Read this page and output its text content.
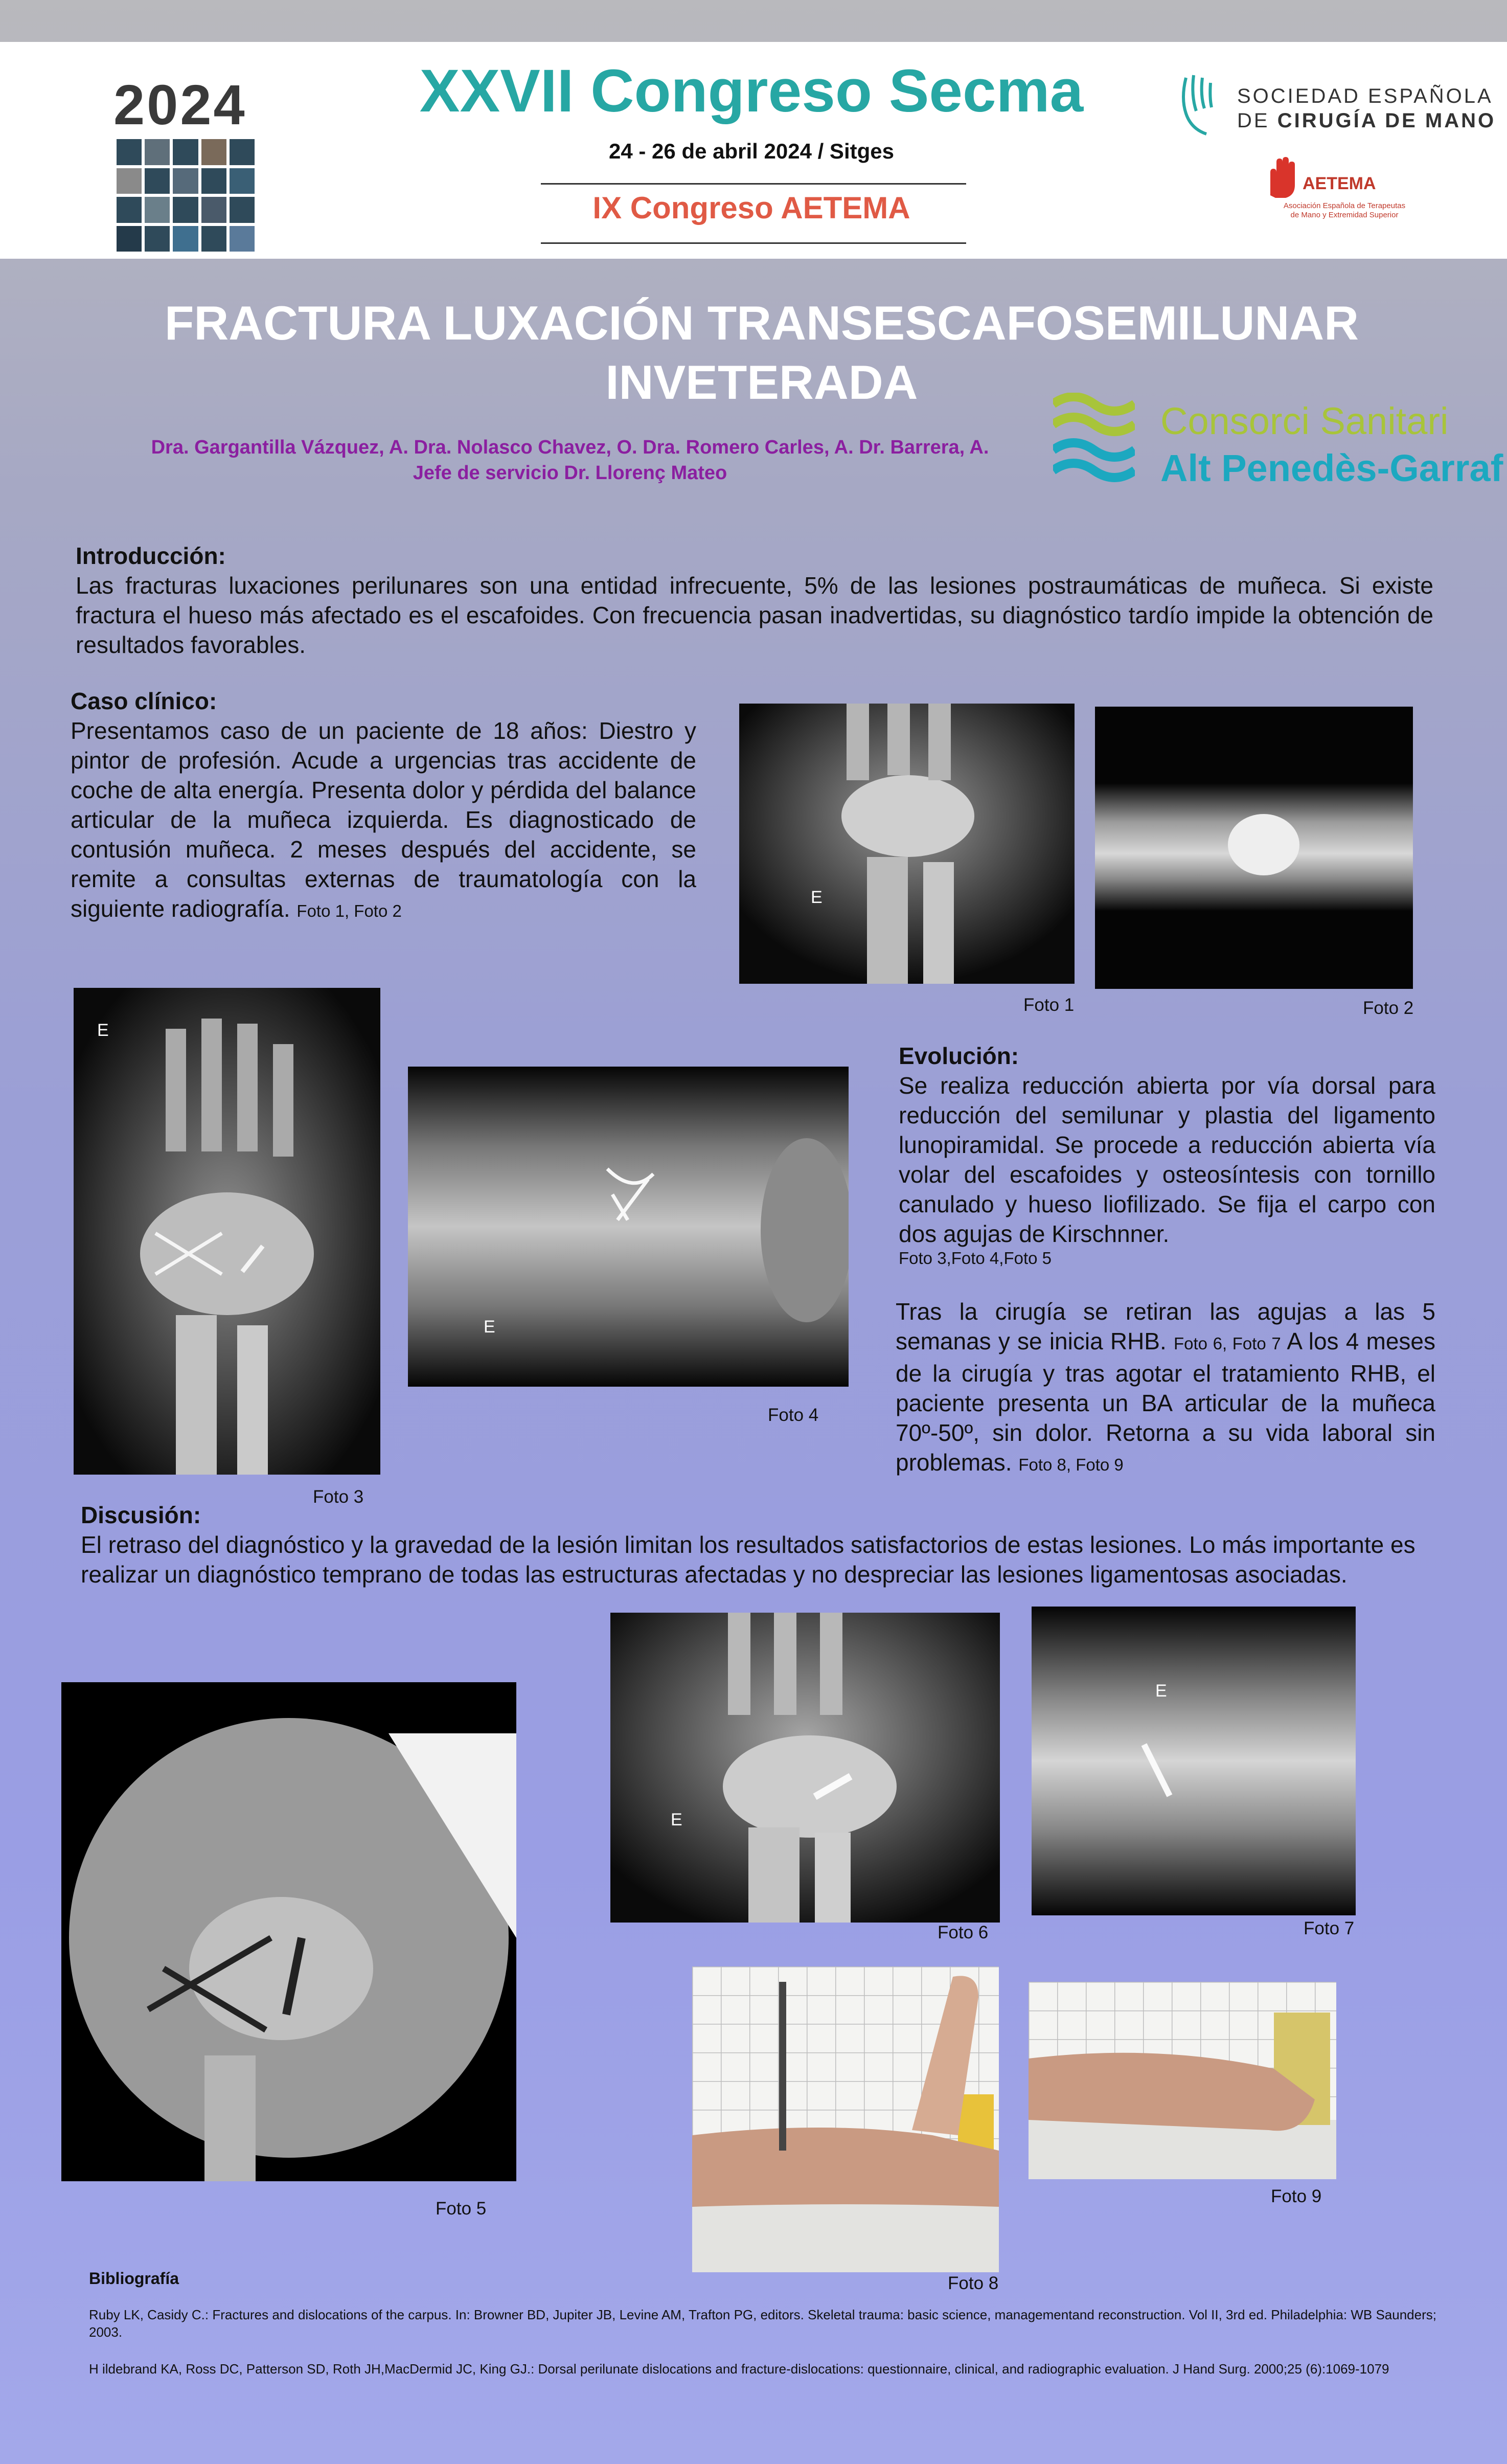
2024	XXVII Congreso Secma
24 - 26 de abril 2024 / Sitges
IX Congreso AETEMA
SOCIEDAD ESPAÑOLA
DE CIRUGÍA DE MANO
AETEMA
Asociación Española de Terapeutas
de Mano y Extremidad Superior
FRACTURA LUXACIÓN TRANSESCAFOSEMILUNAR
INVETERADA
Dra. Gargantilla Vázquez, A. Dra. Nolasco Chavez, O. Dra. Romero Carles, A. Dr. Barrera, A.
Jefe de servicio Dr. Llorenç Mateo
Consorci Sanitari
Alt Penedès-Garraf
Introducción:
Las fracturas luxaciones perilunares son una entidad infrecuente, 5% de las lesiones postraumáticas de muñeca. Si existe fractura el hueso más afectado es el escafoides. Con frecuencia pasan inadvertidas, su diagnóstico tardío impide la obtención de resultados favorables.
Caso clínico:
Presentamos caso de un paciente de 18 años: Diestro y pintor de profesión. Acude a urgencias tras accidente de coche de alta energía. Presenta dolor y pérdida del balance articular de la muñeca izquierda. Es diagnosticado de contusión muñeca. 2 meses después del accidente, se remite a consultas externas de traumatología con la siguiente radiografía. Foto 1, Foto 2
E
Foto 1	Foto 2
E
Foto 3
E
Foto 4
Evolución:
Se realiza reducción abierta por vía dorsal para reducción del semilunar y plastia del ligamento lunopiramidal. Se procede a reducción abierta vía volar del escafoides y osteosíntesis con tornillo canulado y hueso liofilizado. Se fija el carpo con dos agujas de Kirschnner.
Foto 3,Foto 4,Foto 5
Tras la cirugía se retiran las agujas a las 5 semanas y se inicia RHB. Foto 6, Foto 7 A los 4 meses de la cirugía y tras agotar el tratamiento RHB, el paciente presenta un BA articular de la muñeca 70º-50º, sin dolor. Retorna a su vida laboral sin problemas. Foto 8, Foto 9
Discusión:
El retraso del diagnóstico y la gravedad de la lesión limitan los resultados satisfactorios de estas lesiones. Lo más importante es realizar un diagnóstico temprano de todas las estructuras afectadas y no despreciar las lesiones ligamentosas asociadas.
Foto 5
E
Foto 6
E
Foto 7
Foto 8
Foto 9
Bibliografía
Ruby LK, Casidy C.: Fractures and dislocations of the carpus. In: Browner BD, Jupiter JB, Levine AM, Trafton PG, editors. Skeletal trauma: basic science, managementand reconstruction. Vol II, 3rd ed. Philadelphia: WB Saunders; 2003.
H ildebrand KA, Ross DC, Patterson SD, Roth JH,MacDermid JC, King GJ.: Dorsal perilunate dislocations and fracture-dislocations: questionnaire, clinical, and radiographic evaluation. J Hand Surg. 2000;25 (6):1069-1079
